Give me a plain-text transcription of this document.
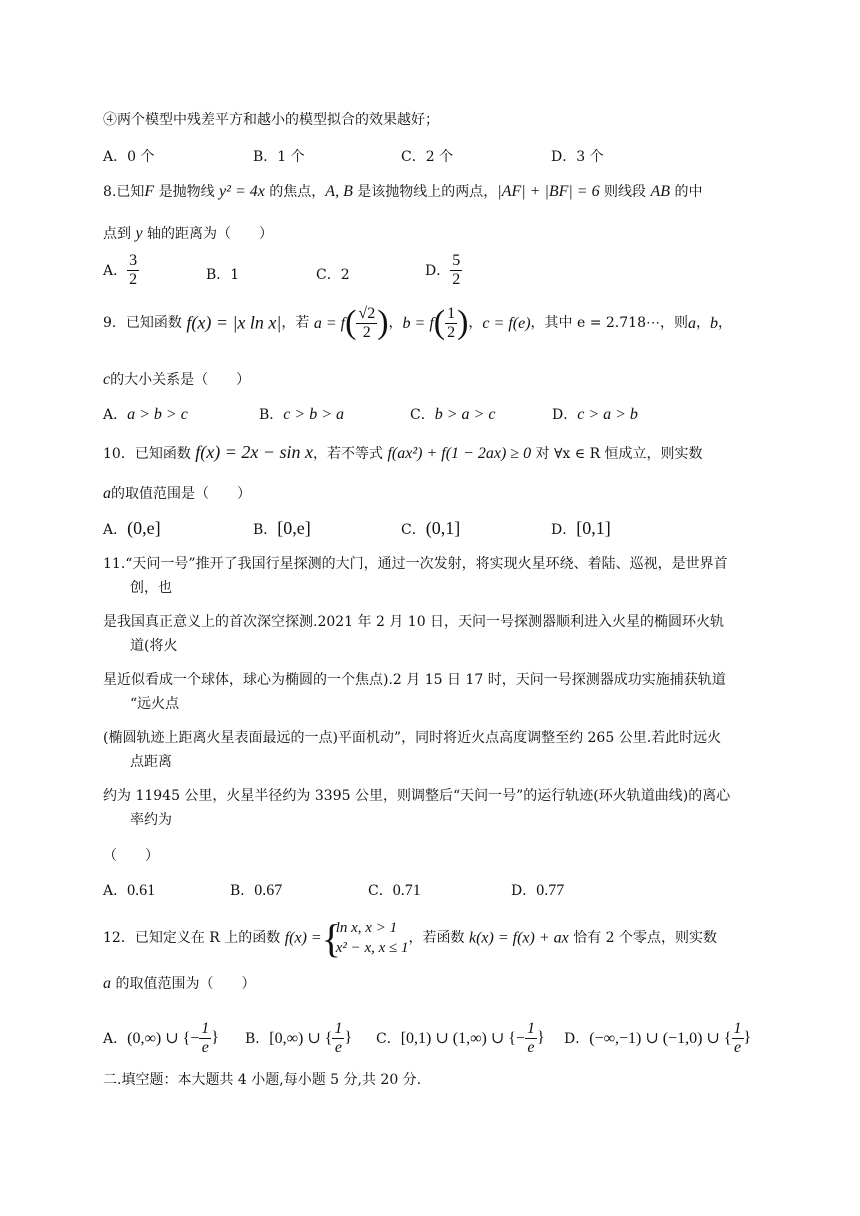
④两个模型中残差平方和越小的模型拟合的效果越好；
A．0 个	B．1 个	C．2 个	D．3 个
8.已知F 是抛物线 y² = 4x 的焦点，A, B 是该抛物线上的两点，|AF| + |BF| = 6 则线段 AB 的中
点到 y 轴的距离为（　　）
A． $\frac{3}{2}$	B．1	C．2	D． $\frac{5}{2}$
9．已知函数 f(x) = |x ln x|，若 $a = f( \frac{√2}{2}$ )，$b = f( \frac{1}{2}$ )，c = f(e)，其中 e = 2.718⋯，则a，b，
c的大小关系是（　　）
A．a > b > c	B．c > b > a	C．b > a > c	D．c > a > b
10．已知函数 f(x) = 2x − sin x，若不等式 f(ax²) + f(1 − 2ax) ≥ 0 对 ∀x ∈ R 恒成立，则实数
a的取值范围是（　　）
A．(0,e]	B．[0,e]	C．(0,1]	D．[0,1]
11.“天问一号”推开了我国行星探测的大门，通过一次发射，将实现火星环绕、着陆、巡视，是世界首
创，也
是我国真正意义上的首次深空探测.2021 年 2 月 10 日，天问一号探测器顺利进入火星的椭圆环火轨
道(将火
星近似看成一个球体，球心为椭圆的一个焦点).2 月 15 日 17 时，天问一号探测器成功实施捕获轨道
“远火点
(椭圆轨迹上距离火星表面最远的一点)平面机动”，同时将近火点高度调整至约 265 公里.若此时远火
点距离
约为 11945 公里，火星半径约为 3395 公里，则调整后“天问一号”的运行轨迹(环火轨道曲线)的离心
率约为
（　　）
A．0.61	B．0.67	C．0.71	D．0.77
12．已知定义在 R 上的函数 f(x) =
{ ln x, x > 1
x² − x, x ≤ 1
，若函数 k(x) = f(x) + ax 恰有 2 个零点，则实数
a 的取值范围为（　　）
A．(0,∞) ∪ {− $\frac{1}{e}$ } B．[0,∞) ∪ { $\frac{1}{e}$ } C．[0,1) ∪ (1,∞) ∪ {− $\frac{1}{e}$ } D．(−∞,−1) ∪ (−1,0) ∪ { $\frac{1}{e}$ }
二.填空题：本大题共 4 小题,每小题 5 分,共 20 分.
